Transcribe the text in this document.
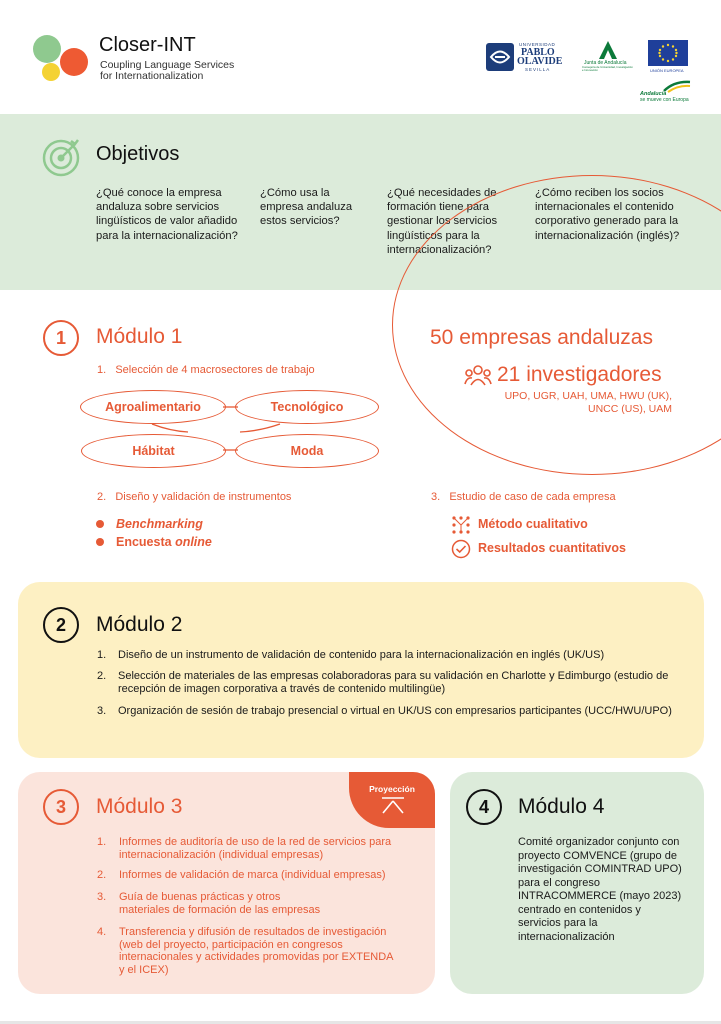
Closer-INT
Coupling Language Services
for Internationalization
UNIVERSIDAD
PABLO
OLAVIDE
SEVILLA
Junta de Andalucía
Consejería de Universidad, Investigación e Innovación	UNIÓN EUROPEA
Andalucía
se mueve con Europa
Objetivos
¿Qué conoce la empresa andaluza sobre servicios lingüísticos de valor añadido para la internacionalización?
¿Cómo usa la empresa andaluza estos servicios?
¿Qué necesidades de formación tiene para gestionar los servicios lingüísticos para la internacionalización?
¿Cómo reciben los socios internacionales el contenido corporativo generado para la internacionalización (inglés)?
1	Módulo 1
1.   Selección de 4 macrosectores de trabajo
Agroalimentario	Tecnológico
Hábitat	Moda
50 empresas andaluzas
21 investigadores
UPO, UGR, UAH, UMA, HWU (UK),
UNCC (US), UAM
2.   Diseño y validación de instrumentos
Benchmarking
Encuesta online
3.   Estudio de caso de cada empresa
Método cualitativo
Resultados cuantitativos
2	Módulo 2
1. Diseño de un instrumento de validación de contenido para la internacionalización en inglés (UK/US)
2. Selección de materiales de las empresas colaboradoras para su validación en Charlotte y Edimburgo (estudio de recepción de imagen corporativa a través de contenido multilingüe)
3. Organización de sesión de trabajo presencial o virtual en UK/US con empresarios participantes (UCC/HWU/UPO)
Proyección
3	Módulo 3
1. Informes de auditoría de uso de la red de servicios para internacionalización (individual empresas)
2. Informes de validación de marca (individual empresas)
3. Guía de buenas prácticas y otros materiales de formación de las empresas
4. Transferencia y difusión de resultados de investigación (web del proyecto, participación en congresos internacionales y actividades promovidas por EXTENDA y el ICEX)
4	Módulo 4
Comité organizador conjunto con proyecto COMVENCE (grupo de investigación COMINTRAD UPO) para el congreso INTRACOMMERCE (mayo 2023) centrado en contenidos y servicios para la internacionalización
